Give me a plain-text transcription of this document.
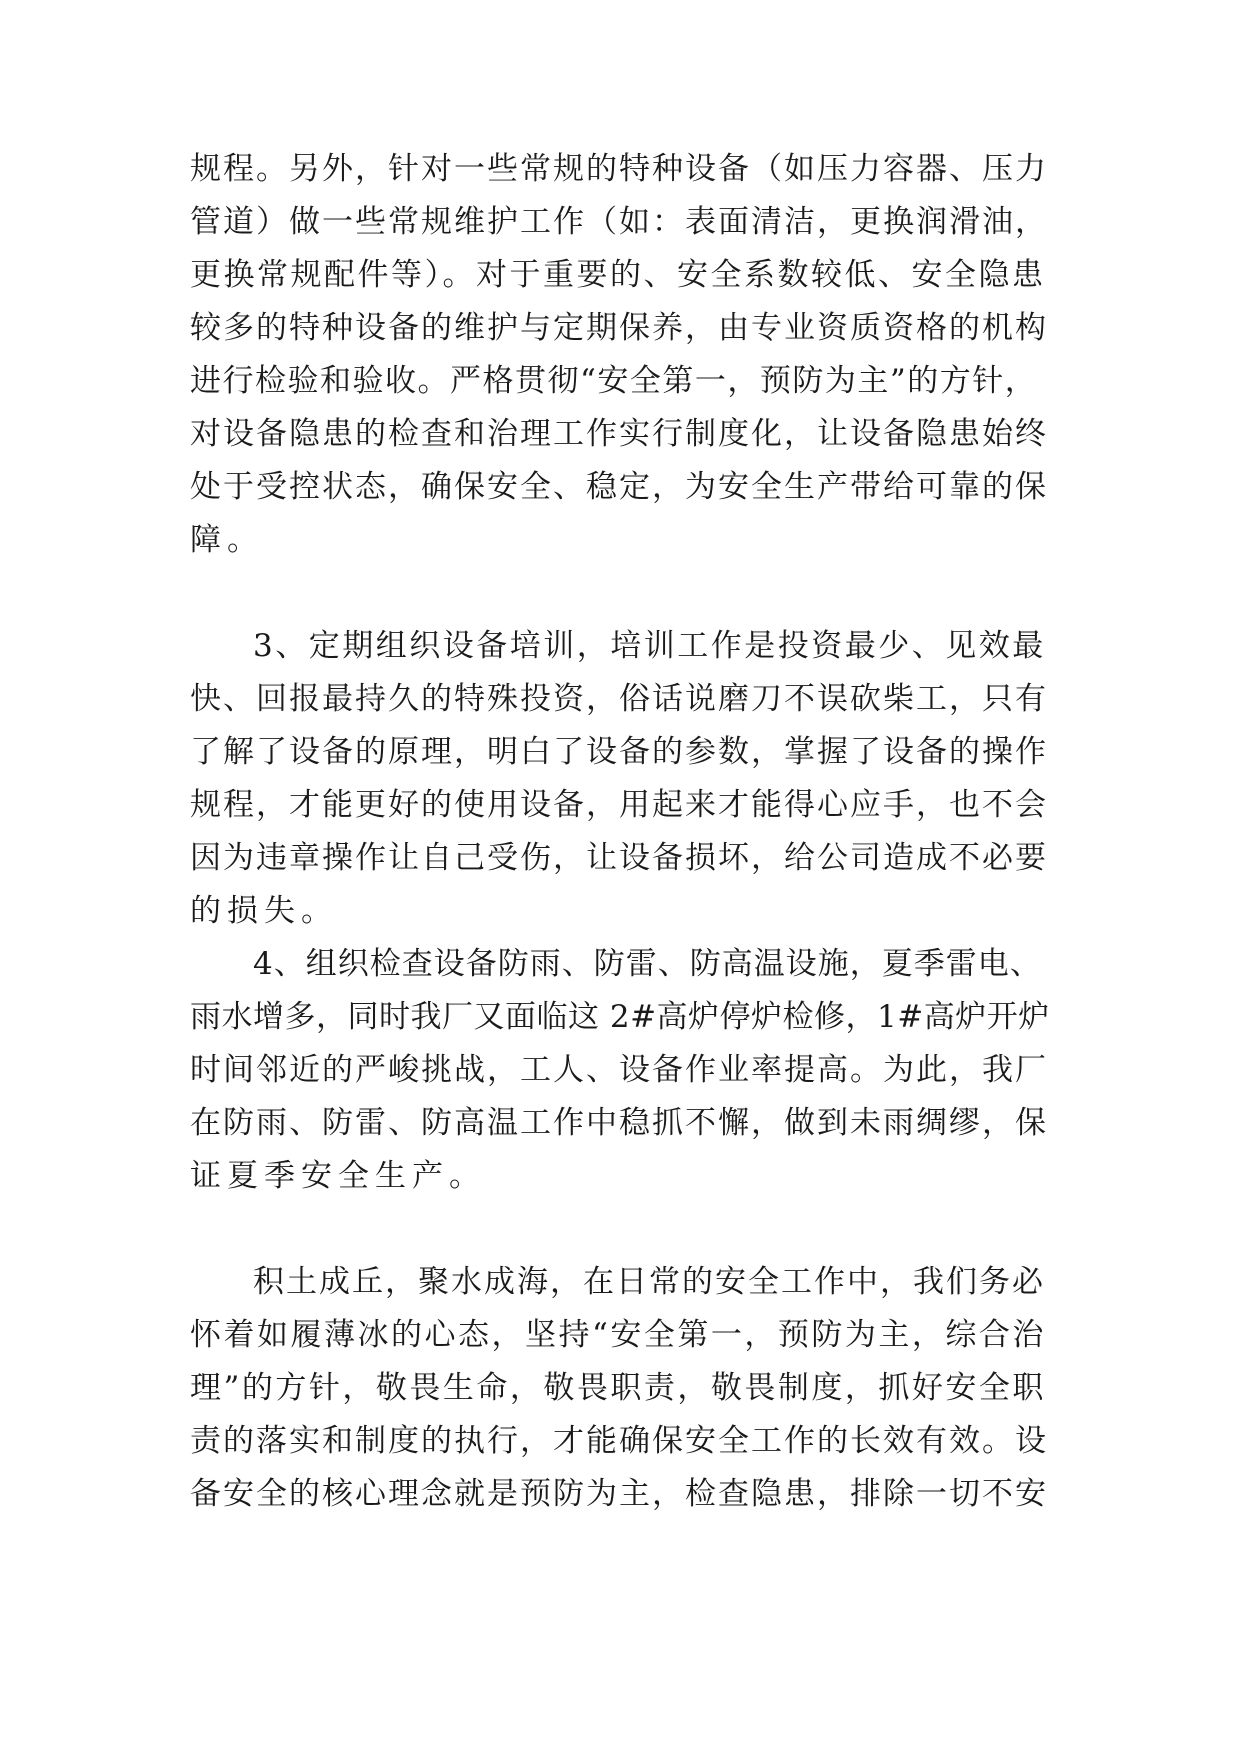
规程。另外，针对一些常规的特种设备（如压力容器、压力
管道）做一些常规维护工作（如：表面清洁，更换润滑油，
更换常规配件等）。对于重要的、安全系数较低、安全隐患
较多的特种设备的维护与定期保养，由专业资质资格的机构
进行检验和验收。严格贯彻“安全第一，预防为主”的方针，
对设备隐患的检查和治理工作实行制度化，让设备隐患始终
处于受控状态，确保安全、稳定，为安全生产带给可靠的保
障。
3、定期组织设备培训，培训工作是投资最少、见效最
快、回报最持久的特殊投资，俗话说磨刀不误砍柴工，只有
了解了设备的原理，明白了设备的参数，掌握了设备的操作
规程，才能更好的使用设备，用起来才能得心应手，也不会
因为违章操作让自己受伤，让设备损坏，给公司造成不必要
的损失。
4、组织检查设备防雨、防雷、防高温设施，夏季雷电、
雨水增多，同时我厂又面临这 2#高炉停炉检修，1#高炉开炉
时间邻近的严峻挑战，工人、设备作业率提高。为此，我厂
在防雨、防雷、防高温工作中稳抓不懈，做到未雨绸缪，保
证夏季安全生产。
积土成丘，聚水成海，在日常的安全工作中，我们务必
怀着如履薄冰的心态，坚持“安全第一，预防为主，综合治
理”的方针，敬畏生命，敬畏职责，敬畏制度，抓好安全职
责的落实和制度的执行，才能确保安全工作的长效有效。设
备安全的核心理念就是预防为主，检查隐患，排除一切不安
